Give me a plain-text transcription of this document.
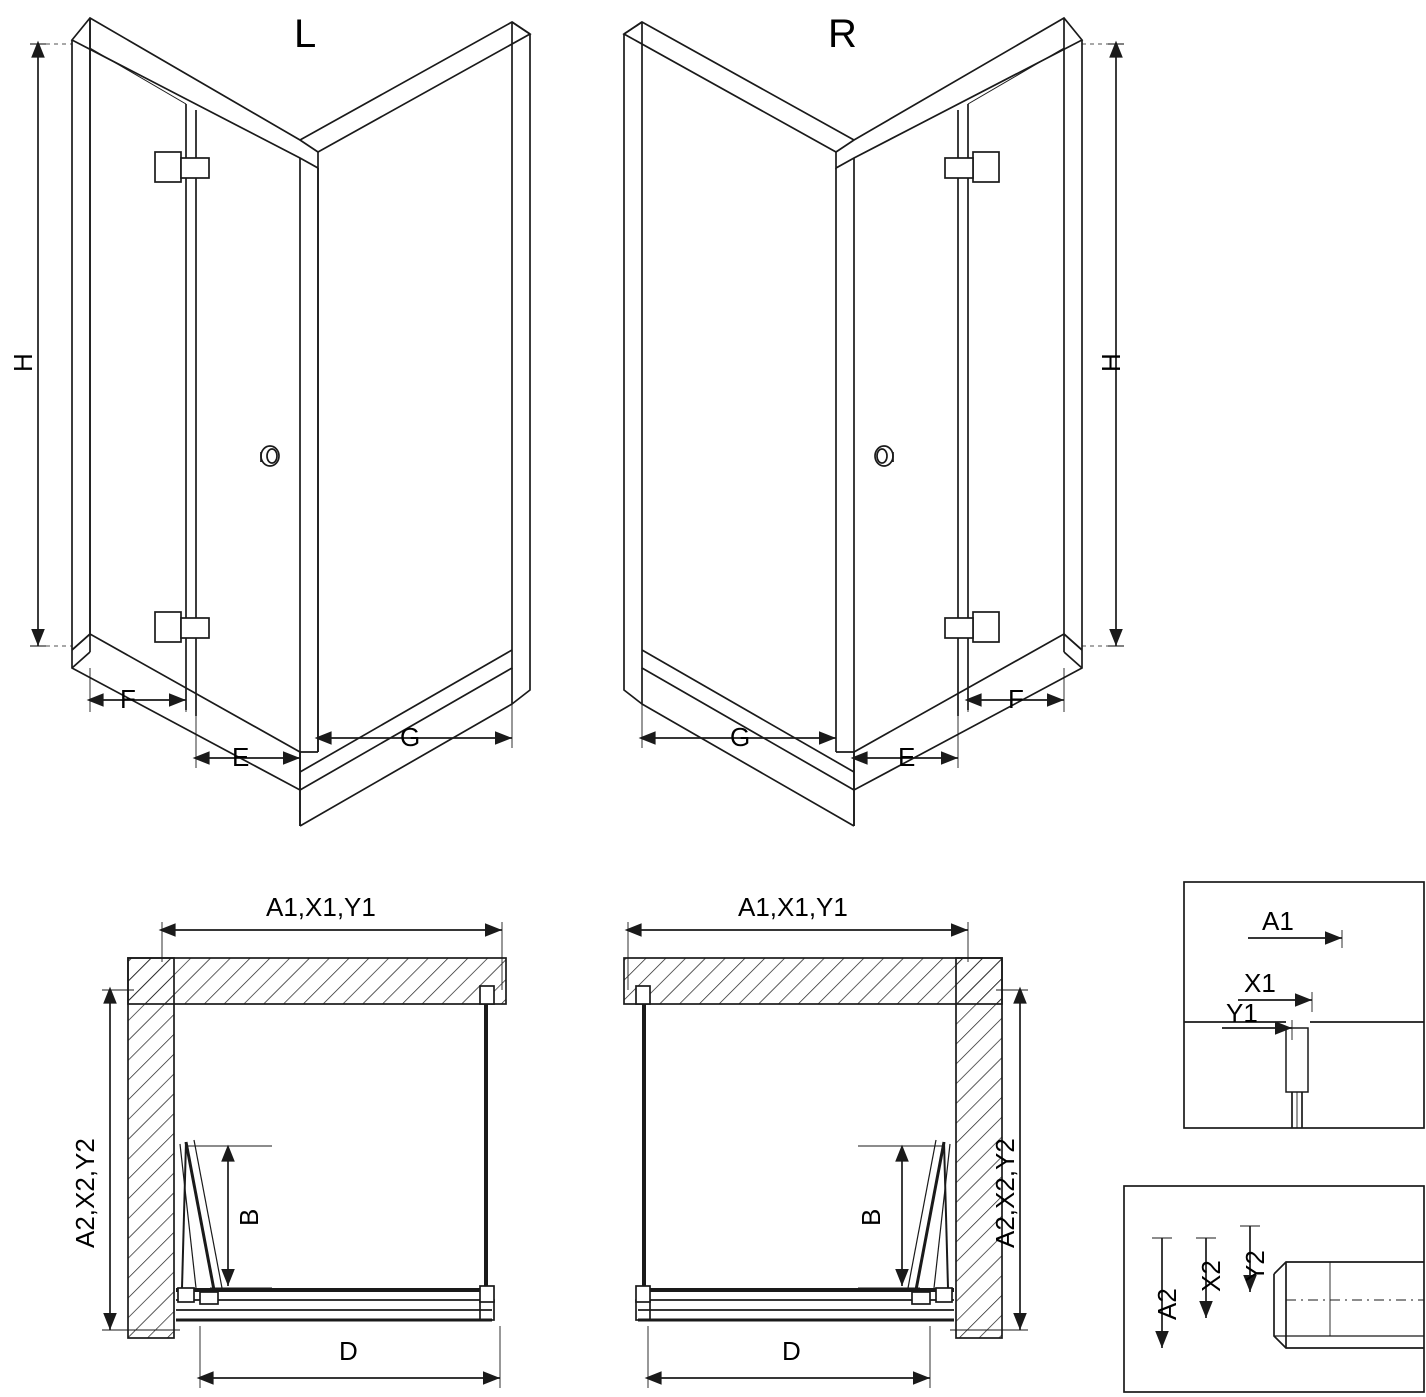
L	R
H	H
F
E
G
F
E
G
A1,X1,Y1	A1,X1,Y1
A2,X2,Y2	A2,X2,Y2
B	B
D	D
A1
X1
Y1
A2
X2 Y2
